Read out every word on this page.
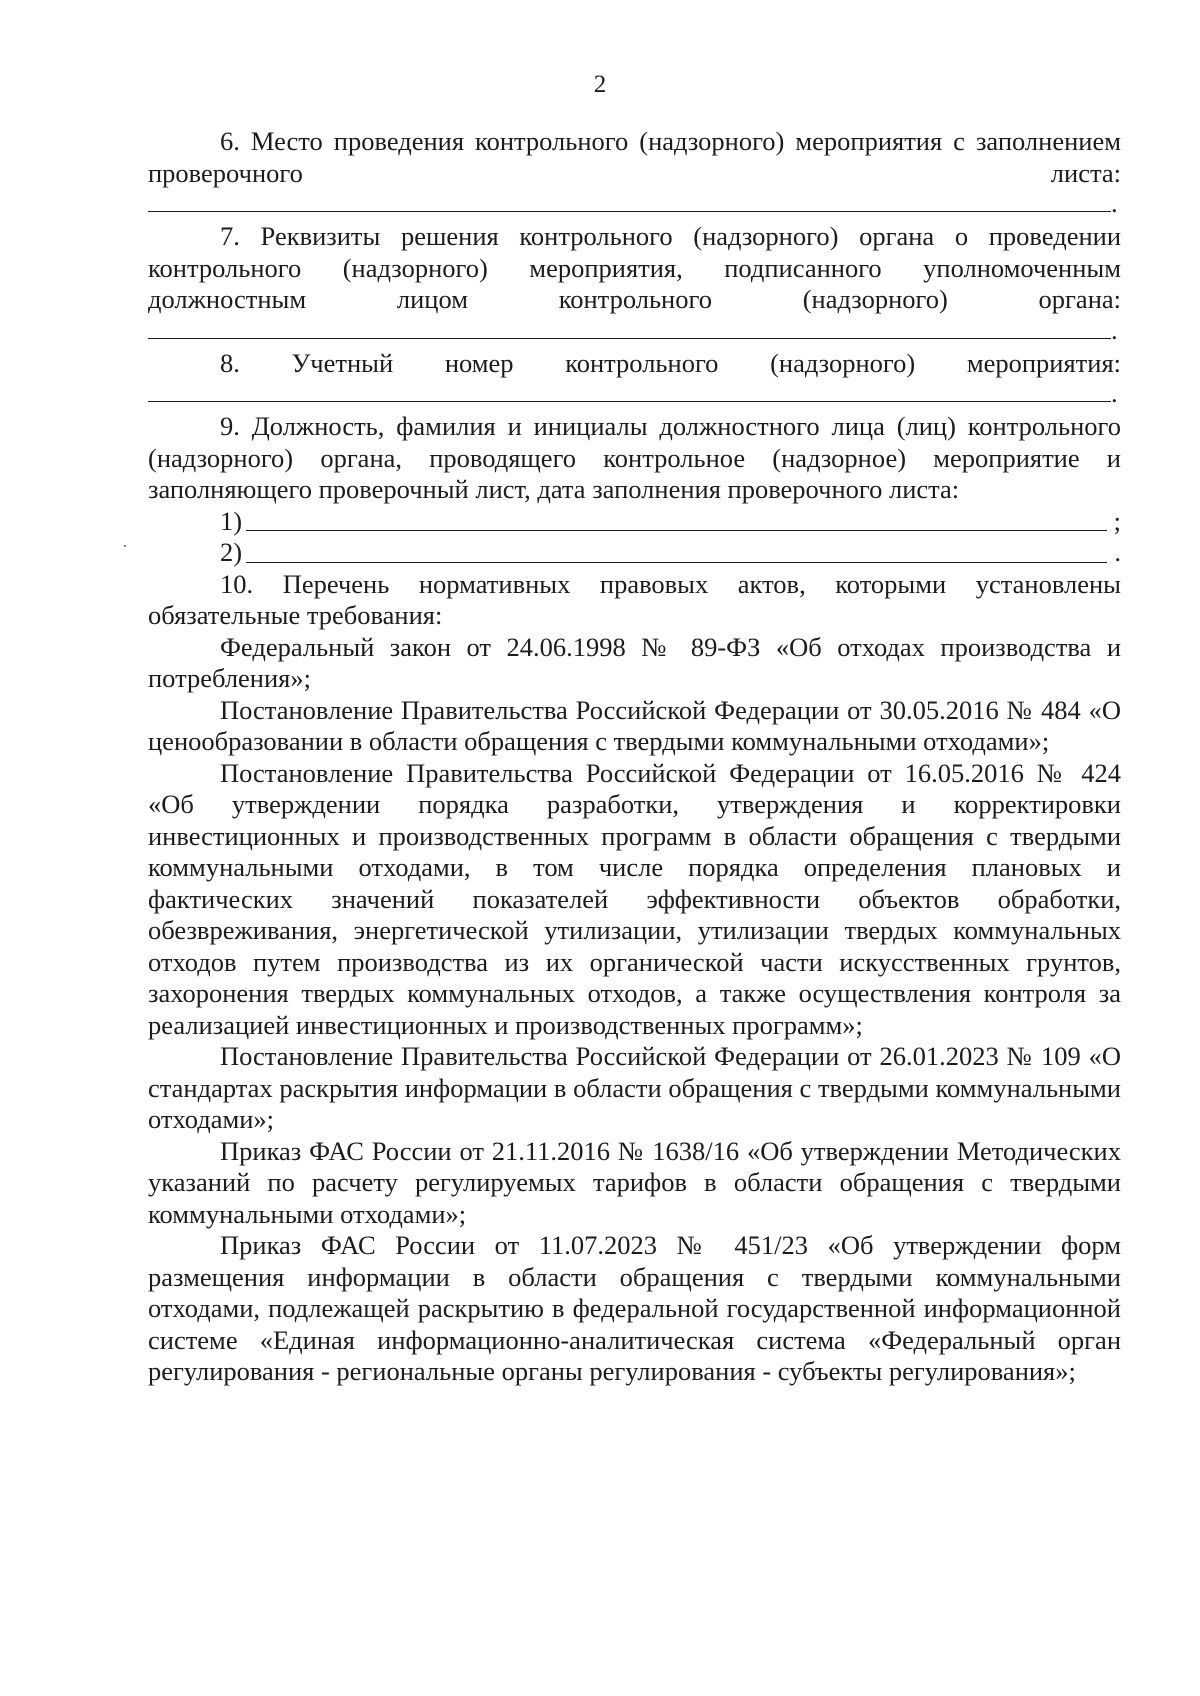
2

6. Место проведения контрольного (надзорного) мероприятия с заполнением проверочного листа:

.

7. Реквизиты решения контрольного (надзорного) органа о проведении контрольного (надзорного) мероприятия, подписанного уполномоченным должностным лицом контрольного (надзорного) органа:

.

8. Учетный номер контрольного (надзорного) мероприятия:

.

9. Должность, фамилия и инициалы должностного лица (лиц) контрольного (надзорного) органа, проводящего контрольное (надзорное) мероприятие и заполняющего проверочный лист, дата заполнения проверочного листа:

1)	;
2)	.

10. Перечень нормативных правовых актов, которыми установлены обязательные требования:

Федеральный закон от 24.06.1998 № 89-ФЗ «Об отходах производства и потребления»;

Постановление Правительства Российской Федерации от 30.05.2016 № 484 «О ценообразовании в области обращения с твердыми коммунальными отходами»;

Постановление Правительства Российской Федерации от 16.05.2016 № 424 «Об утверждении порядка разработки, утверждения и корректировки инвестиционных и производственных программ в области обращения с твердыми коммунальными отходами, в том числе порядка определения плановых и фактических значений показателей эффективности объектов обработки, обезвреживания, энергетической утилизации, утилизации твердых коммунальных отходов путем производства из их органической части искусственных грунтов, захоронения твердых коммунальных отходов, а также осуществления контроля за реализацией инвестиционных и производственных программ»;

Постановление Правительства Российской Федерации от 26.01.2023 № 109 «О стандартах раскрытия информации в области обращения с твердыми коммунальными отходами»;

Приказ ФАС России от 21.11.2016 № 1638/16 «Об утверждении Методических указаний по расчету регулируемых тарифов в области обращения с твердыми коммунальными отходами»;

Приказ ФАС России от 11.07.2023 № 451/23 «Об утверждении форм размещения информации в области обращения с твердыми коммунальными отходами, подлежащей раскрытию в федеральной государственной информационной системе «Единая информационно-аналитическая система «Федеральный орган регулирования - региональные органы регулирования - субъекты регулирования»;
